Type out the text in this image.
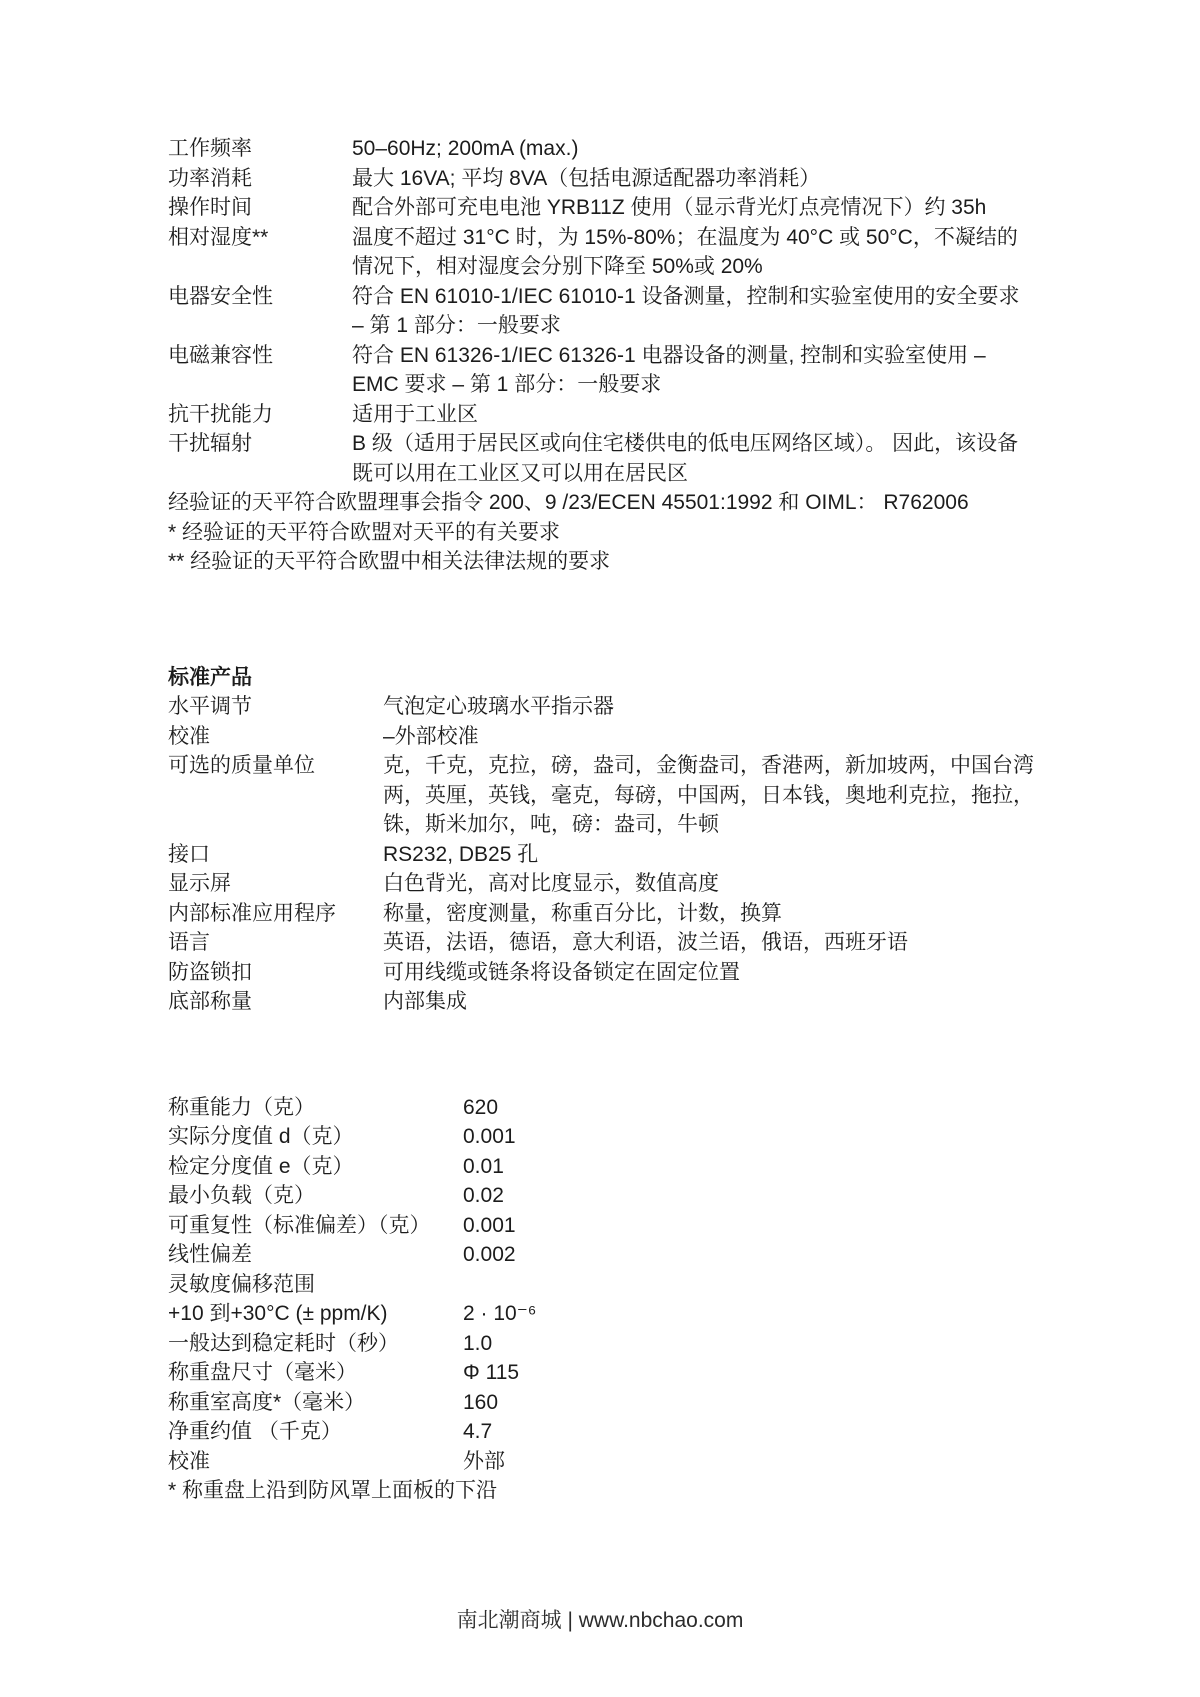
工作频率	50–60Hz; 200mA (max.)
功率消耗	最大 16VA; 平均 8VA（包括电源适配器功率消耗）
操作时间	配合外部可充电电池 YRB11Z 使用（显示背光灯点亮情况下）约 35h
相对湿度**	温度不超过 31°C 时，为 15%-80%；在温度为 40°C 或 50°C，不凝结的情况下，相对湿度会分别下降至 50%或 20%
电器安全性	符合 EN 61010-1/IEC 61010-1 设备测量，控制和实验室使用的安全要求 – 第 1 部分：一般要求
电磁兼容性	符合 EN 61326-1/IEC 61326-1 电器设备的测量, 控制和实验室使用 – EMC 要求 – 第 1 部分：一般要求
抗干扰能力	适用于工业区
干扰辐射	B 级（适用于居民区或向住宅楼供电的低电压网络区域）。 因此，该设备既可以用在工业区又可以用在居民区
经验证的天平符合欧盟理事会指令 200、9 /23/ECEN 45501:1992 和 OIML： R762006
* 经验证的天平符合欧盟对天平的有关要求
** 经验证的天平符合欧盟中相关法律法规的要求
标准产品
水平调节	气泡定心玻璃水平指示器
校准	–外部校准
可选的质量单位	克，千克，克拉，磅，盎司，金衡盎司，香港两，新加坡两，中国台湾两，英厘，英钱，毫克，每磅，中国两，日本钱，奥地利克拉，拖拉，铢，斯米加尔，吨，磅：盎司，牛顿
接口	RS232, DB25 孔
显示屏	白色背光，高对比度显示，数值高度
内部标准应用程序	称量，密度测量，称重百分比，计数，换算
语言	英语，法语，德语，意大利语，波兰语，俄语，西班牙语
防盗锁扣	可用线缆或链条将设备锁定在固定位置
底部称量	内部集成
称重能力（克）	620
实际分度值 d（克）	0.001
检定分度值 e（克）	0.01
最小负载（克）	0.02
可重复性（标准偏差）（克）	0.001
线性偏差	0.002
灵敏度偏移范围
+10 到+30°C (± ppm/K)	2 · 10⁻⁶
一般达到稳定耗时（秒）	1.0
称重盘尺寸（毫米）	Φ 115
称重室高度*（毫米）	160
净重约值 （千克）	4.7
校准	外部
* 称重盘上沿到防风罩上面板的下沿
南北潮商城 | www.nbchao.com
